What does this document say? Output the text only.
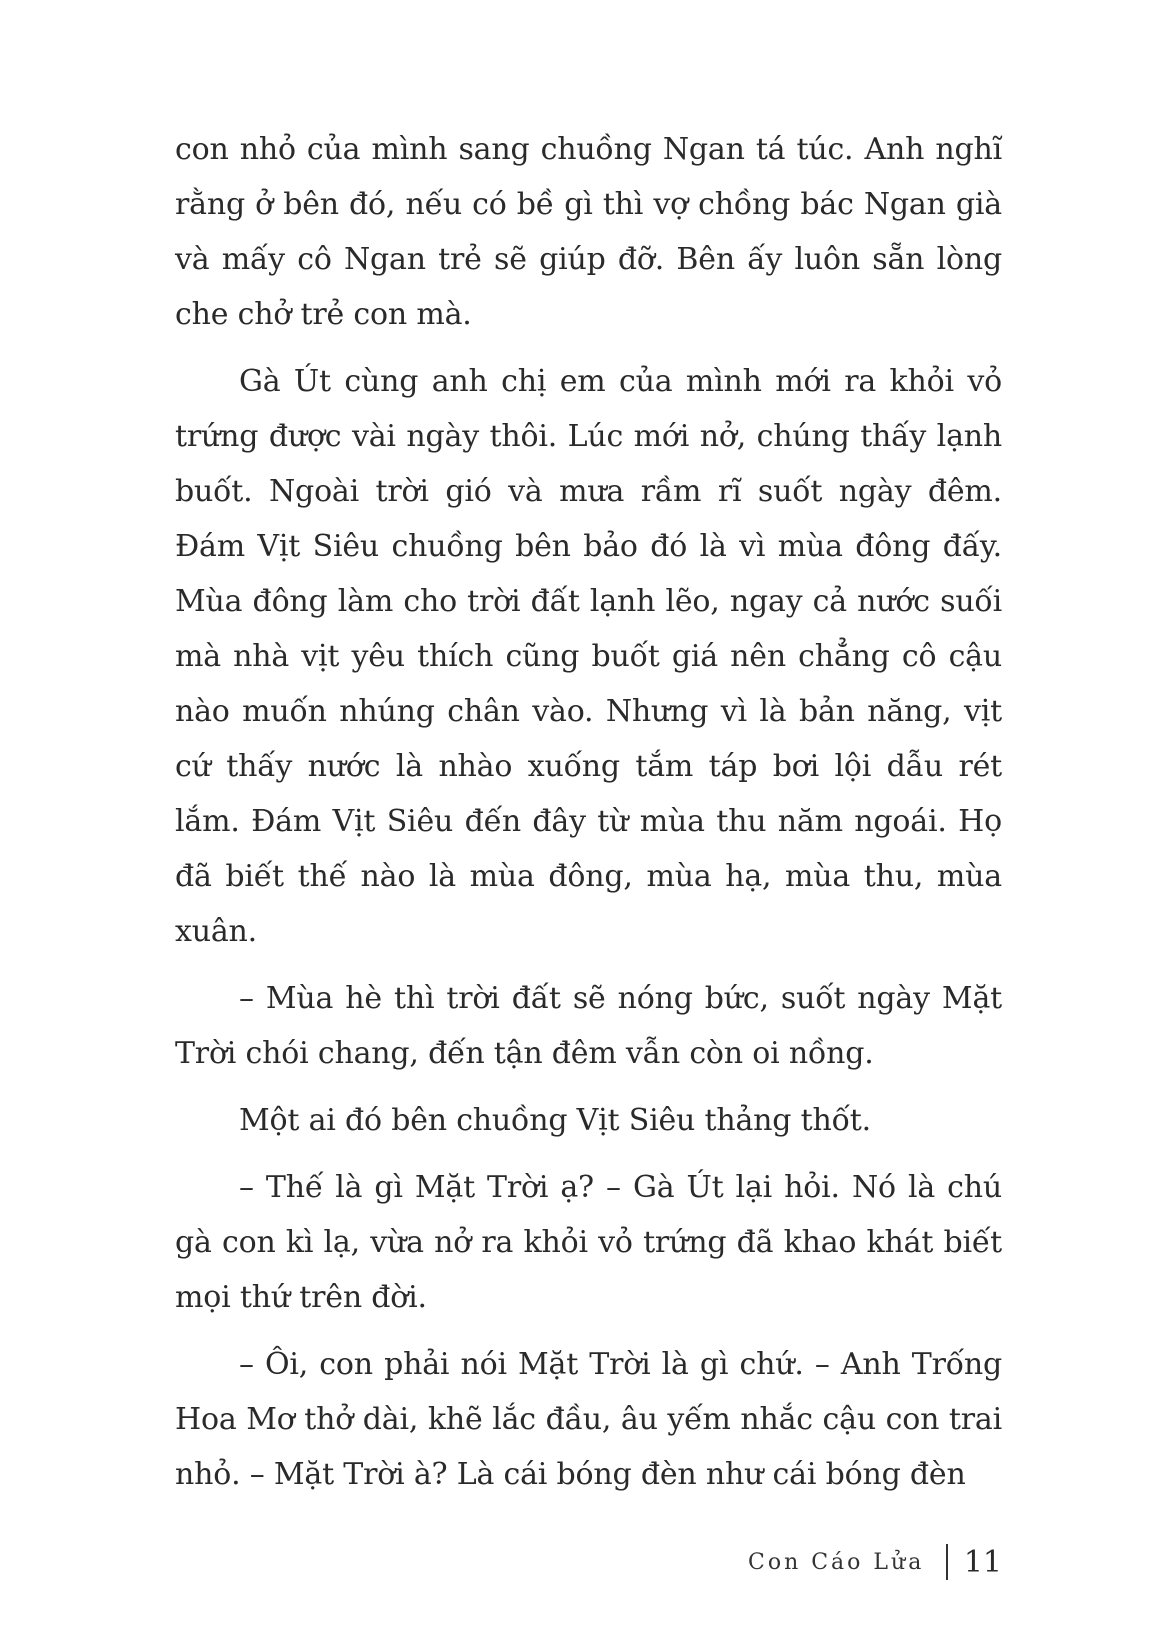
con nhỏ của mình sang chuồng Ngan tá túc. Anh nghĩ rằng ở bên đó, nếu có bề gì thì vợ chồng bác Ngan già và mấy cô Ngan trẻ sẽ giúp đỡ. Bên ấy luôn sẵn lòng che chở trẻ con mà.

Gà Út cùng anh chị em của mình mới ra khỏi vỏ trứng được vài ngày thôi. Lúc mới nở, chúng thấy lạnh buốt. Ngoài trời gió và mưa rầm rĩ suốt ngày đêm. Đám Vịt Siêu chuồng bên bảo đó là vì mùa đông đấy. Mùa đông làm cho trời đất lạnh lẽo, ngay cả nước suối mà nhà vịt yêu thích cũng buốt giá nên chẳng cô cậu nào muốn nhúng chân vào. Nhưng vì là bản năng, vịt cứ thấy nước là nhào xuống tắm táp bơi lội dẫu rét lắm. Đám Vịt Siêu đến đây từ mùa thu năm ngoái. Họ đã biết thế nào là mùa đông, mùa hạ, mùa thu, mùa xuân.

– Mùa hè thì trời đất sẽ nóng bức, suốt ngày Mặt Trời chói chang, đến tận đêm vẫn còn oi nồng.

Một ai đó bên chuồng Vịt Siêu thảng thốt.

– Thế là gì Mặt Trời ạ? – Gà Út lại hỏi. Nó là chú gà con kì lạ, vừa nở ra khỏi vỏ trứng đã khao khát biết mọi thứ trên đời.

– Ôi, con phải nói Mặt Trời là gì chứ. – Anh Trống Hoa Mơ thở dài, khẽ lắc đầu, âu yếm nhắc cậu con trai nhỏ. – Mặt Trời à? Là cái bóng đèn như cái bóng đèn

Con Cáo Lửa 11
